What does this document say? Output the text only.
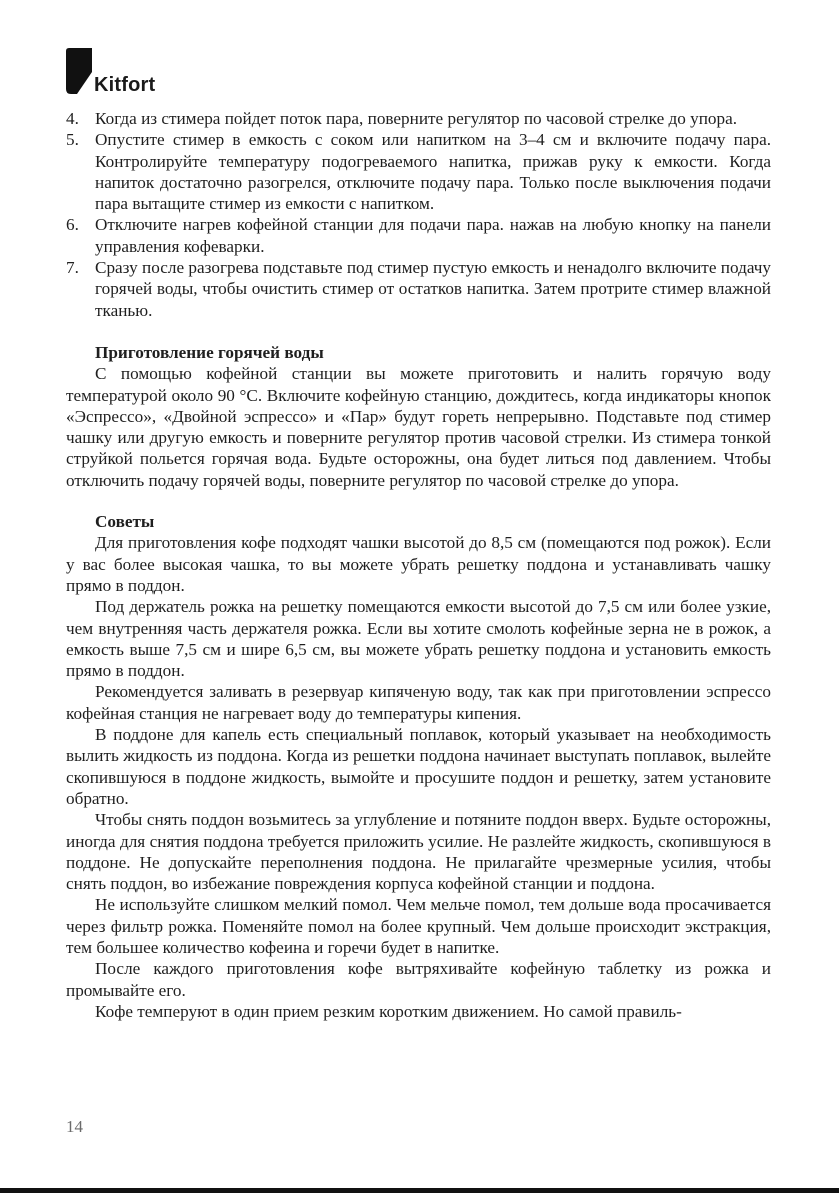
Kitfort
4. Когда из стимера пойдет поток пара, поверните регулятор по часовой стрелке до упора.
5. Опустите стимер в емкость с соком или напитком на 3–4 см и включите подачу пара. Контролируйте температуру подогреваемого напитка, прижав руку к емкости. Когда напиток достаточно разогрелся, отключите подачу пара. Только после выключения подачи пара вытащите стимер из емкости с напитком.
6. Отключите нагрев кофейной станции для подачи пара. нажав на любую кнопку на панели управления кофеварки.
7. Сразу после разогрева подставьте под стимер пустую емкость и ненадолго включите подачу горячей воды, чтобы очистить стимер от остатков напитка. Затем протрите стимер влажной тканью.
Приготовление горячей воды

С помощью кофейной станции вы можете приготовить и налить горячую воду температурой около 90 °С. Включите кофейную станцию, дождитесь, когда индикаторы кнопок «Эспрессо», «Двойной эспрессо» и «Пар» будут гореть непрерывно. Подставьте под стимер чашку или другую емкость и поверните регулятор против часовой стрелки. Из стимера тонкой струйкой польется горячая вода. Будьте осторожны, она будет литься под давлением. Чтобы отключить подачу горячей воды, поверните регулятор по часовой стрелке до упора.

Советы

Для приготовления кофе подходят чашки высотой до 8,5 см (помещаются под рожок). Если у вас более высокая чашка, то вы можете убрать решетку поддона и устанавливать чашку прямо в поддон.

Под держатель рожка на решетку помещаются емкости высотой до 7,5 см или более узкие, чем внутренняя часть держателя рожка. Если вы хотите смолоть кофейные зерна не в рожок, а емкость выше 7,5 см и шире 6,5 см, вы можете убрать решетку поддона и установить емкость прямо в поддон.

Рекомендуется заливать в резервуар кипяченую воду, так как при приготовлении эспрессо кофейная станция не нагревает воду до температуры кипения.

В поддоне для капель есть специальный поплавок, который указывает на необходимость вылить жидкость из поддона. Когда из решетки поддона начинает выступать поплавок, вылейте скопившуюся в поддоне жидкость, вымойте и просушите поддон и решетку, затем установите обратно.

Чтобы снять поддон возьмитесь за углубление и потяните поддон вверх. Будьте осторожны, иногда для снятия поддона требуется приложить усилие. Не разлейте жидкость, скопившуюся в поддоне. Не допускайте переполнения поддона. Не прилагайте чрезмерные усилия, чтобы снять поддон, во избежание повреждения корпуса кофейной станции и поддона.

Не используйте слишком мелкий помол. Чем мельче помол, тем дольше вода просачивается через фильтр рожка. Поменяйте помол на более крупный. Чем дольше происходит экстракция, тем большее количество кофеина и горечи будет в напитке.

После каждого приготовления кофе вытряхивайте кофейную таблетку из рожка и промывайте его.

Кофе темперуют в один прием резким коротким движением. Но самой правиль-

14
